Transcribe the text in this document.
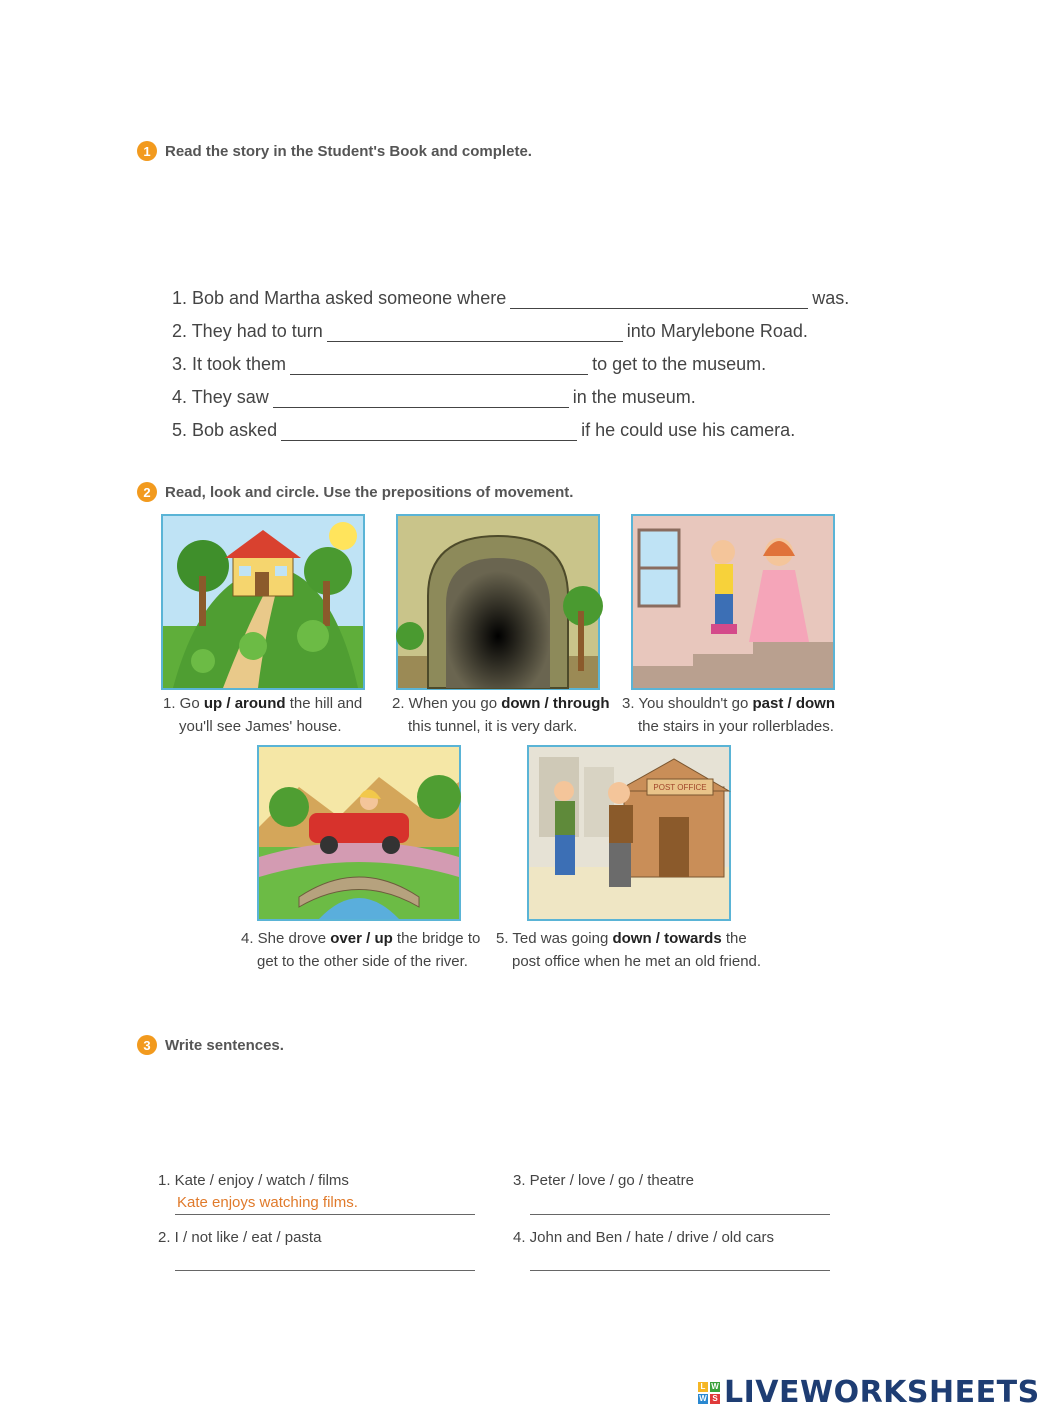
1 Read the story in the Student's Book and complete.
1. Bob and Martha asked someone where	was.
2. They had to turn	into Marylebone Road.
3. It took them	to get to the museum.
4. They saw	in the museum.
5. Bob asked	if he could use his camera.
2 Read, look and circle. Use the prepositions of movement.
1. Go up / around the hill and
you'll see James' house.
2. When you go down / through
this tunnel, it is very dark.
3. You shouldn't go past / down
the stairs in your rollerblades.
POST OFFICE
4. She drove over / up the bridge to
get to the other side of the river.
5. Ted was going down / towards the
post office when he met an old friend.
3 Write sentences.
1. Kate / enjoy / watch / films
Kate enjoys watching films.
2. I / not like / eat / pasta
3. Peter / love / go / theatre
4. John and Ben / hate / drive / old cars
L W
W S LIVEWORKSHEETS
